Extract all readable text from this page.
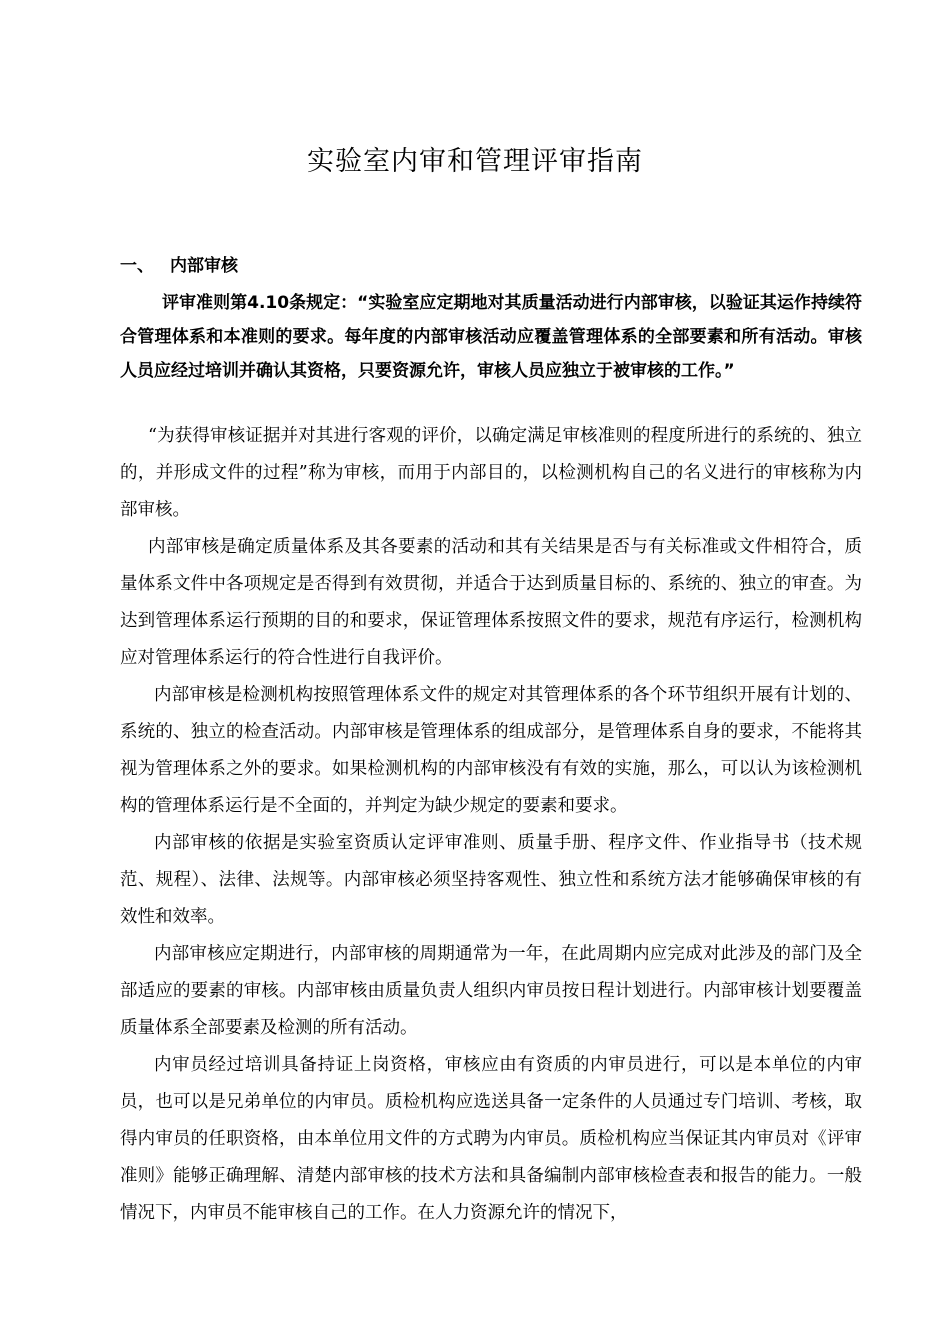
实验室内审和管理评审指南
一、 内部审核

评审准则第4.10条规定：“实验室应定期地对其质量活动进行内部审核，以验证其运作持续符合管理体系和本准则的要求。每年度的内部审核活动应覆盖管理体系的全部要素和所有活动。审核人员应经过培训并确认其资格，只要资源允许，审核人员应独立于被审核的工作。”

“为获得审核证据并对其进行客观的评价，以确定满足审核准则的程度所进行的系统的、独立的，并形成文件的过程”称为审核，而用于内部目的，以检测机构自己的名义进行的审核称为内部审核。

内部审核是确定质量体系及其各要素的活动和其有关结果是否与有关标准或文件相符合，质量体系文件中各项规定是否得到有效贯彻，并适合于达到质量目标的、系统的、独立的审查。为达到管理体系运行预期的目的和要求，保证管理体系按照文件的要求，规范有序运行，检测机构应对管理体系运行的符合性进行自我评价。

内部审核是检测机构按照管理体系文件的规定对其管理体系的各个环节组织开展有计划的、系统的、独立的检查活动。内部审核是管理体系的组成部分，是管理体系自身的要求，不能将其视为管理体系之外的要求。如果检测机构的内部审核没有有效的实施，那么，可以认为该检测机构的管理体系运行是不全面的，并判定为缺少规定的要素和要求。

内部审核的依据是实验室资质认定评审准则、质量手册、程序文件、作业指导书（技术规范、规程）、法律、法规等。内部审核必须坚持客观性、独立性和系统方法才能够确保审核的有效性和效率。

内部审核应定期进行，内部审核的周期通常为一年，在此周期内应完成对此涉及的部门及全部适应的要素的审核。内部审核由质量负责人组织内审员按日程计划进行。内部审核计划要覆盖质量体系全部要素及检测的所有活动。

内审员经过培训具备持证上岗资格，审核应由有资质的内审员进行，可以是本单位的内审员，也可以是兄弟单位的内审员。质检机构应选送具备一定条件的人员通过专门培训、考核，取得内审员的任职资格，由本单位用文件的方式聘为内审员。质检机构应当保证其内审员对《评审准则》能够正确理解、清楚内部审核的技术方法和具备编制内部审核检查表和报告的能力。一般情况下，内审员不能审核自己的工作。在人力资源允许的情况下，
